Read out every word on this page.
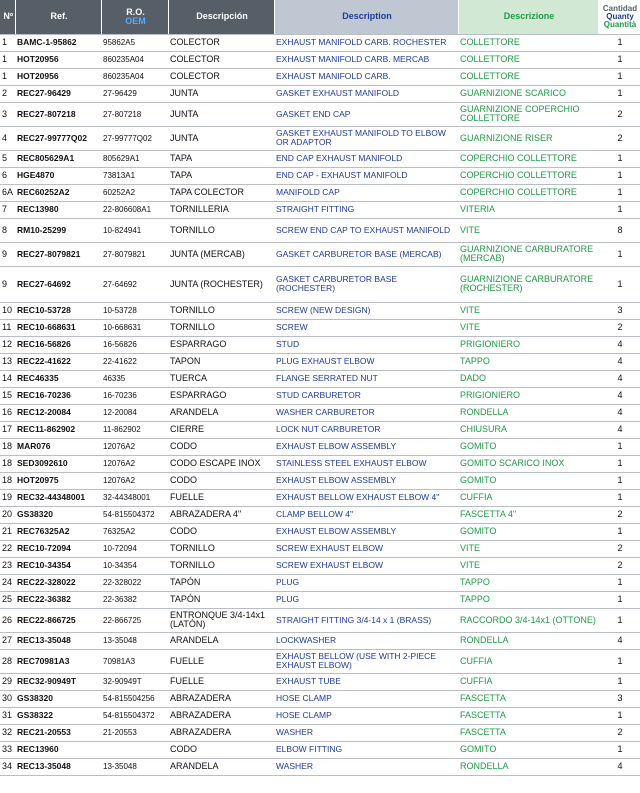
Nº	Ref.	R.O.
OEM	Descripción	Description	Descrizione	Cantidad
Quanty
Quantità

1	BAMC-1-95862	95862A5	COLECTOR	EXHAUST MANIFOLD CARB. ROCHESTER	COLLETTORE	1
1	HOT20956	860235A04	COLECTOR	EXHAUST MANIFOLD CARB. MERCAB	COLLETTORE	1
1	HOT20956	860235A04	COLECTOR	EXHAUST MANIFOLD CARB.	COLLETTORE	1
2	REC27-96429	27-96429	JUNTA	GASKET EXHAUST MANIFOLD	GUARNIZIONE SCARICO	1
3	REC27-807218	27-807218	JUNTA	GASKET END CAP	GUARNIZIONE COPERCHIO COLLETTORE	2
4	REC27-99777Q02	27-99777Q02	JUNTA	GASKET EXHAUST MANIFOLD TO ELBOW OR ADAPTOR	GUARNIZIONE RISER	2
5	REC805629A1	805629A1	TAPA	END CAP EXHAUST MANIFOLD	COPERCHIO COLLETTORE	1
6	HGE4870	73813A1	TAPA	END CAP - EXHAUST MANIFOLD	COPERCHIO COLLETTORE	1
6A	REC60252A2	60252A2	TAPA COLECTOR	MANIFOLD CAP	COPERCHIO COLLETTORE	1
7	REC13980	22-806608A1	TORNILLERIA	STRAIGHT FITTING	VITERIA	1
8	RM10-25299	10-824941	TORNILLO	SCREW END CAP TO EXHAUST MANIFOLD	VITE	8
9	REC27-8079821	27-8079821	JUNTA (MERCAB)	GASKET CARBURETOR BASE (MERCAB)	GUARNIZIONE CARBURATORE (MERCAB)	1
9	REC27-64692	27-64692	JUNTA (ROCHESTER)	GASKET CARBURETOR BASE (ROCHESTER)	GUARNIZIONE CARBURATORE (ROCHESTER)	1
10	REC10-53728	10-53728	TORNILLO	SCREW (NEW DESIGN)	VITE	3
11	REC10-668631	10-668631	TORNILLO	SCREW	VITE	2
12	REC16-56826	16-56826	ESPARRAGO	STUD	PRIGIONIERO	4
13	REC22-41622	22-41622	TAPON	PLUG EXHAUST ELBOW	TAPPO	4
14	REC46335	46335	TUERCA	FLANGE SERRATED NUT	DADO	4
15	REC16-70236	16-70236	ESPARRAGO	STUD CARBURETOR	PRIGIONIERO	4
16	REC12-20084	12-20084	ARANDELA	WASHER CARBURETOR	RONDELLA	4
17	REC11-862902	11-862902	CIERRE	LOCK NUT CARBURETOR	CHIUSURA	4
18	MAR076	12076A2	CODO	EXHAUST ELBOW ASSEMBLY	GOMITO	1
18	SED3092610	12076A2	CODO ESCAPE INOX	STAINLESS STEEL EXHAUST ELBOW	GOMITO SCARICO INOX	1
18	HOT20975	12076A2	CODO	EXHAUST ELBOW ASSEMBLY	GOMITO	1
19	REC32-44348001	32-44348001	FUELLE	EXHAUST BELLOW EXHAUST ELBOW 4"	CUFFIA	1
20	GS38320	54-815504372	ABRAZADERA 4"	CLAMP BELLOW 4"	FASCETTA 4"	2
21	REC76325A2	76325A2	CODO	EXHAUST ELBOW ASSEMBLY	GOMITO	1
22	REC10-72094	10-72094	TORNILLO	SCREW EXHAUST ELBOW	VITE	2
23	REC10-34354	10-34354	TORNILLO	SCREW EXHAUST ELBOW	VITE	2
24	REC22-328022	22-328022	TAPÓN	PLUG	TAPPO	1
25	REC22-36382	22-36382	TAPÓN	PLUG	TAPPO	1
26	REC22-866725	22-866725	ENTRONQUE 3/4-14x1 (LATÓN)	STRAIGHT FITTING 3/4-14 x 1 (BRASS)	RACCORDO 3/4-14x1 (OTTONE)	1
27	REC13-35048	13-35048	ARANDELA	LOCKWASHER	RONDELLA	4
28	REC70981A3	70981A3	FUELLE	EXHAUST BELLOW (USE WITH 2-PIECE EXHAUST ELBOW)	CUFFIA	1
29	REC32-90949T	32-90949T	FUELLE	EXHAUST TUBE	CUFFIA	1
30	GS38320	54-815504256	ABRAZADERA	HOSE CLAMP	FASCETTA	3
31	GS38322	54-815504372	ABRAZADERA	HOSE CLAMP	FASCETTA	1
32	REC21-20553	21-20553	ABRAZADERA	WASHER	FASCETTA	2
33	REC13960		CODO	ELBOW FITTING	GOMITO	1
34	REC13-35048	13-35048	ARANDELA	WASHER	RONDELLA	4
